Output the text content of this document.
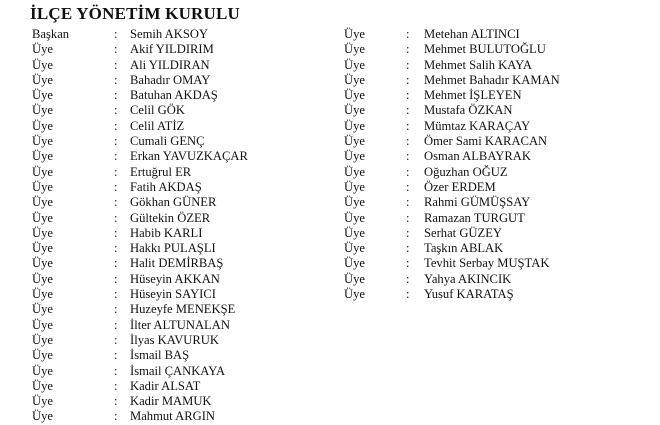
İLÇE YÖNETİM KURULU
Başkan	: Semih AKSOY
Üye	: Akif YILDIRIM
Üye	: Ali YILDIRAN
Üye	: Bahadır OMAY
Üye	: Batuhan AKDAŞ
Üye	: Celil GÖK
Üye	: Celil ATİZ
Üye	: Cumali GENÇ
Üye	: Erkan YAVUZKAÇAR
Üye	: Ertuğrul ER
Üye	: Fatih AKDAŞ
Üye	: Gökhan GÜNER
Üye	: Gültekin ÖZER
Üye	: Habib KARLI
Üye	: Hakkı PULAŞLI
Üye	: Halit DEMİRBAŞ
Üye	: Hüseyin AKKAN
Üye	: Hüseyin SAYICI
Üye	: Huzeyfe MENEKŞE
Üye	: İlter ALTUNALAN
Üye	: İlyas KAVURUK
Üye	: İsmail BAŞ
Üye	: İsmail ÇANKAYA
Üye	: Kadir ALSAT
Üye	: Kadir MAMUK
Üye	: Mahmut ARGIN
Üye	: Metehan ALTINCI
Üye	: Mehmet BULUTOĞLU
Üye	: Mehmet Salih KAYA
Üye	: Mehmet Bahadır KAMAN
Üye	: Mehmet İŞLEYEN
Üye	: Mustafa ÖZKAN
Üye	: Mümtaz KARAÇAY
Üye	: Ömer Sami KARACAN
Üye	: Osman ALBAYRAK
Üye	: Oğuzhan OĞUZ
Üye	: Özer ERDEM
Üye	: Rahmi GÜMÜŞSAY
Üye	: Ramazan TURGUT
Üye	: Serhat GÜZEY
Üye	: Taşkın ABLAK
Üye	: Tevhit Serbay MUŞTAK
Üye	: Yahya AKINCIK
Üye	: Yusuf KARATAŞ
